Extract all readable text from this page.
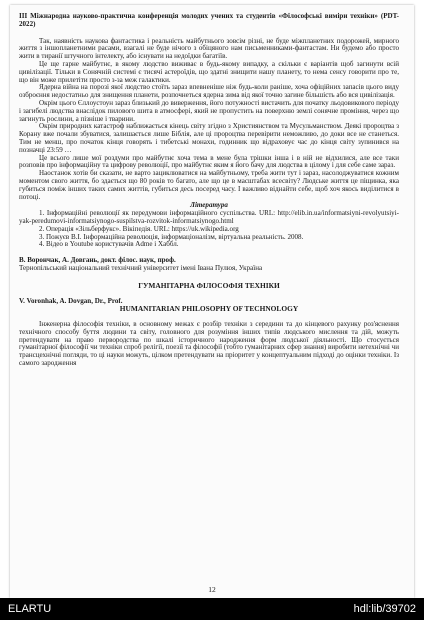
ІІІ Міжнародна науково-практична конференція молодих учених та студентів «Філософські виміри техніки» (PDT-2022)

Так, наявність наукова фантастика і реальність майбутнього зовсім різні, не буде міжпланетних подорожей, мирного життя з іншопланетними расами, взагалі не буде нічого з обіцяного нам письменниками-фантастам. Ни будемо або просто жити в тиранії штучного інтелекту, або існувати на недоїдки багатіїв.

Це ще гарне майбутнє, в якому людство виживає в будь-якому випадку, а скільки є варіантів щоб загинути всій цивілізації. Тільки в Сонячній системі є тисячі астероїдів, що здатні знищити нашу планету, то нема сенсу говорити про те, що він може прилетіти просто з-за меж галактики.

Ядерна війна на порозі якої людство стоїть зараз впевненіше ніж будь-коли раніше, хоча офіційних запасів цього виду озброєння недостатньо для знищення планети, розпочнеться ядерна зима від якої точно загине більшість або вся цивілізація.

Окрім цього Єллоустоун зараз близький до виверження, його потужності вистачить для початку льодовикового періоду і загибелі людства внаслідок пилового шита в атмосфері, який не пропустить на поверхню землі сонячне проміння, через що загинуть рослини, а пізніше і тварини.

Окрім природних катастроф наближається кінець світу згідно з Християнством та Мусульманством. Деякі пророцтва з Корану вже почали збуватися, залишається лише Біблія, але ці пророцтва перевірити неможливо, до доки все не станеться. Тим не менш, про початок кінця говорять і тибетські монахи, годинник що відраховує час до кінця світу зупинився на позначці 23:59 …

Це всього лише мої роздуми про майбутнє хоча тема в мене була трішки інша і в ній не відхилися, але все таки розповів про інформаційну та цифрову революції, про майбутнє яким я його бачу для людства в цілому і для себе саме зараз.

Наостанок хотів би сказати, не варто зациклюватися на майбутньому, треба жити тут і зараз, насолоджуватися кожним моментом свого життя, бо здається що 80 років то багато, але що це в масштабах всесвіту? Людське життя це піщинка, яка губиться поміж інших таких самих життів, губиться десь посеред часу. І важливо віднайти себе, щоб хоч якось виділитися в потоці.

Література

1. Інформаційні революції як передумови інформаційного суспільства. URL: http://elib.in.ua/informatsiyni-revolyutsiyi-yak-peredumovi-informatsiynogo-suspilstva-rozvitok-informatsiynogo.html

2. Операція «Зільберфукс». Вікіпедія. URL: https://uk.wikipedia.org

3. Пожуєв В.І. Інформаційна революція, інформаціоналізм, віртуальна реальність. 2008.

4. Відео в Youtube користувачів Adme і Хаббл.

В. Ворончак, А. Довгань, докт. філос. наук, проф.

Тернопільський національний технічний університет імені Івана Пулюя, Україна

ГУМАНІТАРНА ФІЛОСОФІЯ ТЕХНІКИ

V. Voronhak, A. Dovgan, Dr., Prof.

HUMANITARIAN PHILOSOPHY OF TECHNOLOGY

Інженерна філософія техніки, в основному межах є розбір техніки з середини та до кінцевого рахунку роз'яснення технічного способу буття людини та світу, головного для розуміння інших типів людського мислення та дій, можуть претендувати на право первородства по шкалі історичного народження форм людської діяльності. Що стосується гуманітарної філософії чи техніки спроб релігії, поезії та філософії (тобто гуманітарних сфер знання) виробити нетехнічні чи трансцехнічні погляди, то ці науки можуть, цілком претендувати на пріоритет у концептуальним підході до оцінки техніки. Із самого зародження

12
ELARTU	hdl:lib/39702
